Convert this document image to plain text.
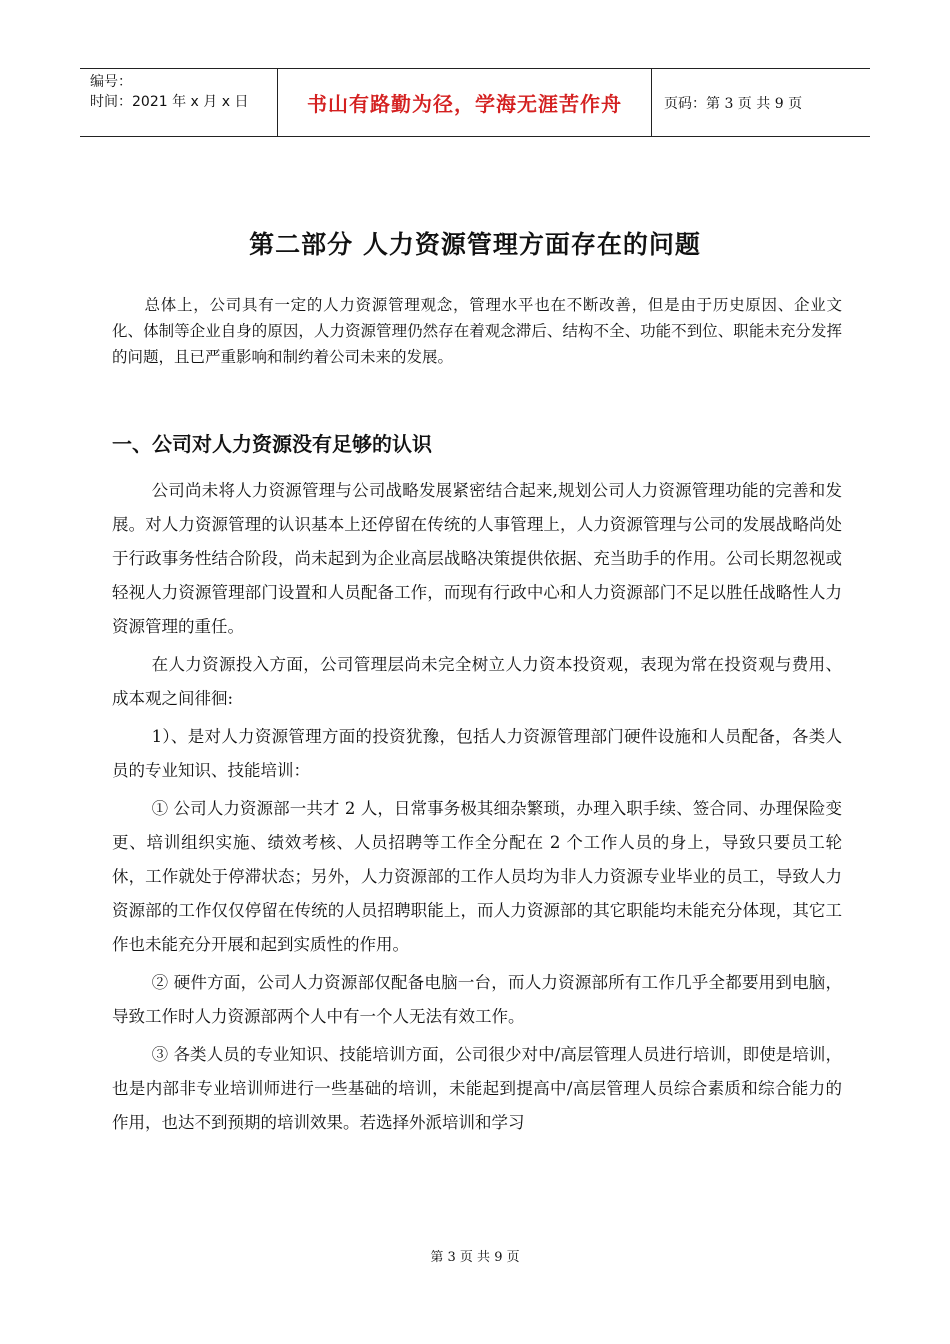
编号：
时间：2021 年 x 月 x 日	书山有路勤为径，学海无涯苦作舟	页码：第 3 页 共 9 页
第二部分 人力资源管理方面存在的问题
总体上，公司具有一定的人力资源管理观念，管理水平也在不断改善，但是由于历史原因、企业文化、体制等企业自身的原因，人力资源管理仍然存在着观念滞后、结构不全、功能不到位、职能未充分发挥的问题，且已严重影响和制约着公司未来的发展。
一、公司对人力资源没有足够的认识

公司尚未将人力资源管理与公司战略发展紧密结合起来,规划公司人力资源管理功能的完善和发展。对人力资源管理的认识基本上还停留在传统的人事管理上，人力资源管理与公司的发展战略尚处于行政事务性结合阶段，尚未起到为企业高层战略决策提供依据、充当助手的作用。公司长期忽视或轻视人力资源管理部门设置和人员配备工作，而现有行政中心和人力资源部门不足以胜任战略性人力资源管理的重任。

在人力资源投入方面，公司管理层尚未完全树立人力资本投资观，表现为常在投资观与费用、成本观之间徘徊:

1）、是对人力资源管理方面的投资犹豫，包括人力资源管理部门硬件设施和人员配备，各类人员的专业知识、技能培训：

① 公司人力资源部一共才 2 人，日常事务极其细杂繁琐，办理入职手续、签合同、办理保险变更、培训组织实施、绩效考核、人员招聘等工作全分配在 2 个工作人员的身上，导致只要员工轮休，工作就处于停滞状态；另外，人力资源部的工作人员均为非人力资源专业毕业的员工，导致人力资源部的工作仅仅停留在传统的人员招聘职能上，而人力资源部的其它职能均未能充分体现，其它工作也未能充分开展和起到实质性的作用。

② 硬件方面，公司人力资源部仅配备电脑一台，而人力资源部所有工作几乎全都要用到电脑，导致工作时人力资源部两个人中有一个人无法有效工作。

③ 各类人员的专业知识、技能培训方面，公司很少对中/高层管理人员进行培训，即使是培训，也是内部非专业培训师进行一些基础的培训，未能起到提高中/高层管理人员综合素质和综合能力的作用，也达不到预期的培训效果。若选择外派培训和学习

第 3 页 共 9 页
